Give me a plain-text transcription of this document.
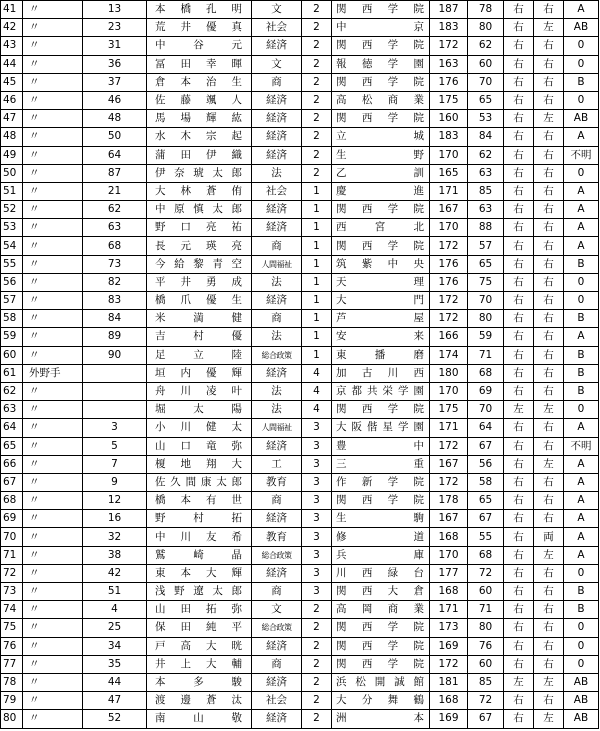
41	〃	13	本橋孔明	文	2	関西学院	187	78	右	右	A
42	〃	23	荒井優真	社会	2	中京	183	80	右	左	AB
43	〃	31	中谷元	経済	2	関西学院	172	62	右	右	0
44	〃	36	冨田幸暉	文	2	報徳学園	163	60	右	右	0
45	〃	37	倉本治生	商	2	関西学院	176	70	右	右	B
46	〃	46	佐藤颯人	経済	2	高松商業	175	65	右	右	0
47	〃	48	馬場輝紘	経済	2	関西学院	160	53	右	左	AB
48	〃	50	水木宗起	経済	2	立城	183	84	右	右	A
49	〃	64	蒲田伊織	経済	2	生野	170	62	右	右	不明
50	〃	87	伊奈琥太郎	法	2	乙訓	165	63	右	右	0
51	〃	21	大林蒼侑	社会	1	慶進	171	85	右	右	A
52	〃	62	中原慎太郎	経済	1	関西学院	167	63	右	右	A
53	〃	63	野口亮祐	経済	1	西宮北	170	88	右	右	A
54	〃	68	長元瑛亮	商	1	関西学院	172	57	右	右	A
55	〃	73	今給黎青空	人間福祉	1	筑紫中央	176	65	右	右	B
56	〃	82	平井勇成	法	1	天理	176	75	右	右	0
57	〃	83	橋爪優生	経済	1	大門	172	70	右	右	0
58	〃	84	米満健	商	1	芦屋	172	80	右	右	B
59	〃	89	吉村優	法	1	安来	166	59	右	右	A
60	〃	90	足立陸	総合政策	1	東播磨	174	71	右	右	B
61	外野手		垣内優輝	経済	4	加古川西	180	68	右	右	B
62	〃		舟川凌叶	法	4	京都共栄学園	170	69	右	右	B
63	〃		堀太陽	法	4	関西学院	175	70	左	左	0
64	〃	3	小川健太	人間福祉	3	大阪偕星学園	171	64	右	右	A
65	〃	5	山口竜弥	経済	3	豊中	172	67	右	右	不明
66	〃	7	榎地翔大	工	3	三重	167	56	右	左	A
67	〃	9	佐久間康太郎	教育	3	作新学院	172	58	右	右	A
68	〃	12	橋本有世	商	3	関西学院	178	65	右	右	A
69	〃	16	野村拓	経済	3	生駒	167	67	右	右	A
70	〃	32	中川友希	教育	3	修道	168	55	右	両	A
71	〃	38	鷲崎晶	総合政策	3	兵庫	170	68	右	左	A
72	〃	42	東本大輝	経済	3	川西緑台	177	72	右	右	0
73	〃	51	浅野遼太郎	商	3	関西大倉	168	60	右	右	B
74	〃	4	山田拓弥	文	2	高岡商業	171	71	右	右	B
75	〃	25	保田純平	総合政策	2	関西学院	173	80	右	右	0
76	〃	34	戸高大晄	経済	2	関西学院	169	76	右	右	0
77	〃	35	井上大輔	商	2	関西学院	172	60	右	右	0
78	〃	44	本多駿	経済	2	浜松開誠館	181	85	左	左	AB
79	〃	47	渡邊蒼汰	社会	2	大分舞鶴	168	72	右	右	AB
80	〃	52	南山敬	経済	2	洲本	169	67	右	左	AB
